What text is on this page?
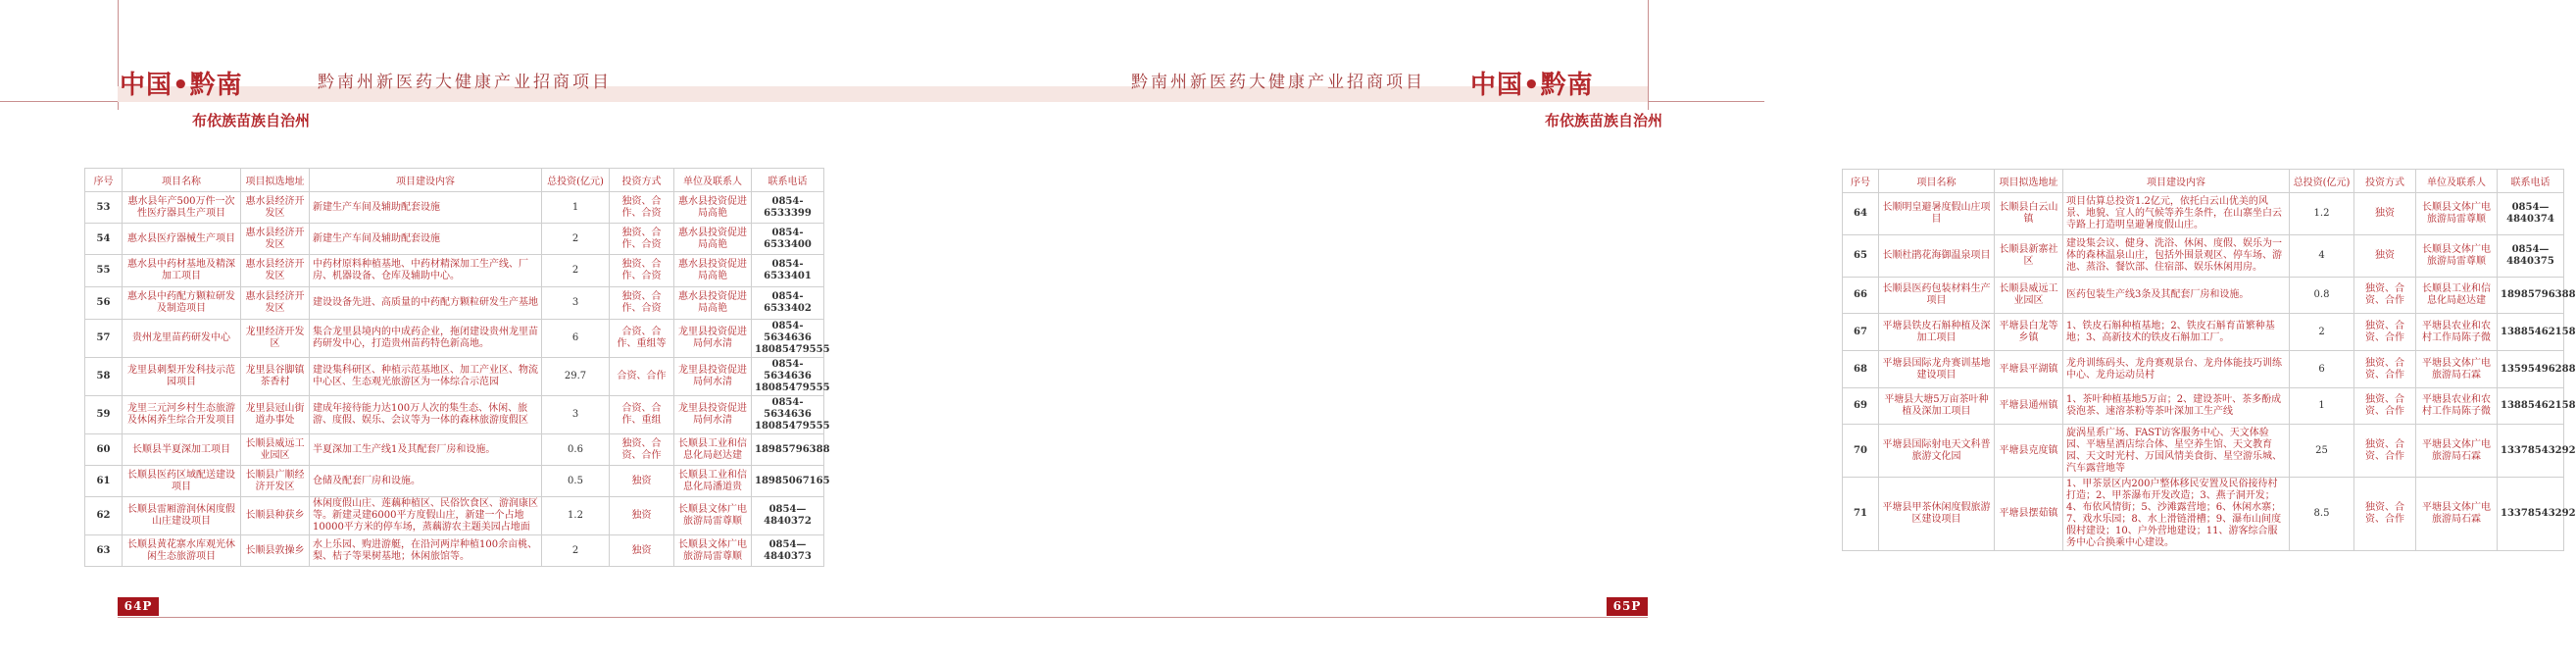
中国•黔南	黔南州新医药大健康产业招商项目
布依族苗族自治州
序号	项目名称	项目拟选地址	项目建设内容	总投资(亿元)	投资方式	单位及联系人	联系电话
53	惠水县年产500万件一次性医疗器具生产项目	惠水县经济开发区	新建生产车间及辅助配套设施	1	独资、合作、合资	惠水县投资促进局高艳	0854-6533399
54	惠水县医疗器械生产项目	惠水县经济开发区	新建生产车间及辅助配套设施	2	独资、合作、合资	惠水县投资促进局高艳	0854-6533400
55	惠水县中药材基地及精深加工项目	惠水县经济开发区	中药材原料种植基地、中药材精深加工生产线、厂房、机器设备、仓库及辅助中心。	2	独资、合作、合资	惠水县投资促进局高艳	0854-6533401
56	惠水县中药配方颗粒研发及制造项目	惠水县经济开发区	建设设备先进、高质量的中药配方颗粒研发生产基地	3	独资、合作、合资	惠水县投资促进局高艳	0854-6533402
57	贵州龙里苗药研发中心	龙里经济开发区	集合龙里县境内的中成药企业，拖闭建设贵州龙里苗药研发中心，打造贵州苗药特色新高地。	6	合资、合作、重组等	龙里县投资促进局何水清	0854-5634636 18085479555
58	龙里县刺梨开发科技示范园项目	龙里县谷脚镇茶香村	建设集科研区、种植示范基地区、加工产业区、物流中心区、生态观光旅游区为一体综合示范园	29.7	合资、合作	龙里县投资促进局何水清	0854-5634636 18085479555
59	龙里三元河乡村生态旅游及休闲养生综合开发项目	龙里县冠山街道办事处	建成年接待能力达100万人次的集生态、休闲、旅游、度假、娱乐、会议等为一体的森林旅游度假区	3	合资、合作、重组	龙里县投资促进局何水清	0854-5634636 18085479555
60	长顺县半夏深加工项目	长顺县威远工业园区	半夏深加工生产线1及其配套厂房和设施。	0.6	独资、合资、合作	长顺县工业和信息化局赵达建	18985796388
61	长顺县医药区域配送建设项目	长顺县广顺经济开发区	仓储及配套厂房和设施。	0.5	独资	长顺县工业和信息化局潘道贵	18985067165
62	长顺县雷厢游润休闲度假山庄建设项目	长顺县种获乡	休闲度假山庄、莲藕种植区、民俗饮食区、游润康区等。新建灵建6000平方度假山庄，新建一个占地10000平方米的停车场，蒸藕游农主题美园占地面	1.2	独资	长顺县文体广电旅游局雷尊顺	0854—4840372
63	长顺县黄花寨水库观光休闲生态旅游项目	长顺县敦操乡	水上乐园、购进游艇，在沿河两岸种植100余亩桃、梨、桔子等果树基地；休闲旅馆等。	2	独资	长顺县文体广电旅游局雷尊顺	0854—4840373
64P
黔南州新医药大健康产业招商项目 中国•黔南
布依族苗族自治州
序号	项目名称	项目拟选地址	项目建设内容	总投资(亿元)	投资方式	单位及联系人	联系电话
64	长顺明皇避暑度假山庄项目	长顺县白云山镇	项目估算总投资1.2亿元，依托白云山优美的风景、地貌、宜人的气候等养生条件，在山寨坐白云寺路上打造明皇避暑度假山庄。	1.2	独资	长顺县文体广电旅游局雷尊顺	0854—4840374
65	长顺杜鹃花海御温泉项目	长顺县新寨社区	建设集会议、健身、洗浴、休闲、度假、娱乐为一体的森林温泉山庄，包括外围景观区、停车场、游池、蒸浴、餐饮部、住宿部、娱乐休闲用房。	4	独资	长顺县文体广电旅游局雷尊顺	0854—4840375
66	长顺县医药包装材料生产项目	长顺县威远工业园区	医药包装生产线3条及其配套厂房和设施。	0.8	独资、合资、合作	长顺县工业和信息化局赵达建	18985796388
67	平塘县铁皮石斛种植及深加工项目	平塘县白龙等乡镇	1、铁皮石斛种植基地；2、铁皮石斛育苗繁种基地；3、高新技术的铁皮石斛加工厂。	2	独资、合资、合作	平塘县农业和农村工作局陈子微	13885462158
68	平塘县国际龙舟赛训基地建设项目	平塘县平湖镇	龙舟训练码头、龙舟赛观景台、龙舟体能技巧训练中心、龙舟运动员村	6	独资、合资、合作	平塘县文体广电旅游局石霖	13595496288
69	平塘县大塘5万亩茶叶种植及深加工项目	平塘县通州镇	1、茶叶种植基地5万亩；2、建设茶叶、茶多酚成袋泡茶、速溶茶粉等茶叶深加工生产线	1	独资、合资、合作	平塘县农业和农村工作局陈子微	13885462158
70	平塘县国际射电天文科普旅游文化园	平塘县克度镇	旋涡星系广场、FAST访客服务中心、天文体验园、平塘星酒店综合体、星空养生馆、天文教育园、天文时光村、万国风情美食街、星空游乐城、汽车露营地等	25	独资、合资、合作	平塘县文体广电旅游局石霖	13378543292
71	平塘县甲茶休闲度假旅游区建设项目	平塘县摆茹镇	1、甲茶景区内200户整体移民安置及民俗接待村打造；2、甲茶瀑布开发改造；3、燕子洞开发；4、布依风情街；5、沙滩露营地；6、休闲水寨；7、戏水乐园；8、水上滑链滑槽；9、瀑布山间度假村建设；10、户外营地建设；11、游客综合服务中心合换乘中心建设。	8.5	独资、合资、合作	平塘县文体广电旅游局石霖	13378543292
65P
